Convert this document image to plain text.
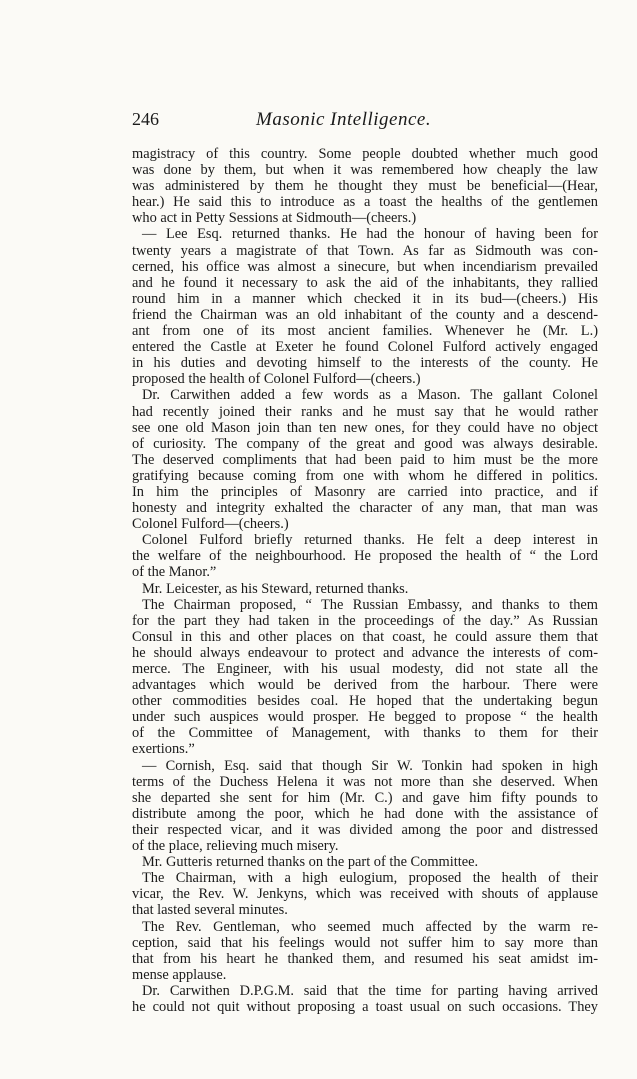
246	Masonic Intelligence.
magistracy of this country. Some people doubted whether much good
was done by them, but when it was remembered how cheaply the law
was administered by them he thought they must be beneficial—(Hear,
hear.) He said this to introduce as a toast the healths of the gentlemen
who act in Petty Sessions at Sidmouth—(cheers.)
— Lee Esq. returned thanks. He had the honour of having been for
twenty years a magistrate of that Town. As far as Sidmouth was con-
cerned, his office was almost a sinecure, but when incendiarism prevailed
and he found it necessary to ask the aid of the inhabitants, they rallied
round him in a manner which checked it in its bud—(cheers.) His
friend the Chairman was an old inhabitant of the county and a descend-
ant from one of its most ancient families. Whenever he (Mr. L.)
entered the Castle at Exeter he found Colonel Fulford actively engaged
in his duties and devoting himself to the interests of the county. He
proposed the health of Colonel Fulford—(cheers.)
Dr. Carwithen added a few words as a Mason. The gallant Colonel
had recently joined their ranks and he must say that he would rather
see one old Mason join than ten new ones, for they could have no object
of curiosity. The company of the great and good was always desirable.
The deserved compliments that had been paid to him must be the more
gratifying because coming from one with whom he differed in politics.
In him the principles of Masonry are carried into practice, and if
honesty and integrity exhalted the character of any man, that man was
Colonel Fulford—(cheers.)
Colonel Fulford briefly returned thanks. He felt a deep interest in
the welfare of the neighbourhood. He proposed the health of “ the Lord
of the Manor.”
Mr. Leicester, as his Steward, returned thanks.
The Chairman proposed, “ The Russian Embassy, and thanks to them
for the part they had taken in the proceedings of the day.” As Russian
Consul in this and other places on that coast, he could assure them that
he should always endeavour to protect and advance the interests of com-
merce. The Engineer, with his usual modesty, did not state all the
advantages which would be derived from the harbour. There were
other commodities besides coal. He hoped that the undertaking begun
under such auspices would prosper. He begged to propose “ the health
of the Committee of Management, with thanks to them for their
exertions.”
— Cornish, Esq. said that though Sir W. Tonkin had spoken in high
terms of the Duchess Helena it was not more than she deserved. When
she departed she sent for him (Mr. C.) and gave him fifty pounds to
distribute among the poor, which he had done with the assistance of
their respected vicar, and it was divided among the poor and distressed
of the place, relieving much misery.
Mr. Gutteris returned thanks on the part of the Committee.
The Chairman, with a high eulogium, proposed the health of their
vicar, the Rev. W. Jenkyns, which was received with shouts of applause
that lasted several minutes.
The Rev. Gentleman, who seemed much affected by the warm re-
ception, said that his feelings would not suffer him to say more than
that from his heart he thanked them, and resumed his seat amidst im-
mense applause.
Dr. Carwithen D.P.G.M. said that the time for parting having arrived
he could not quit without proposing a toast usual on such occasions. They
